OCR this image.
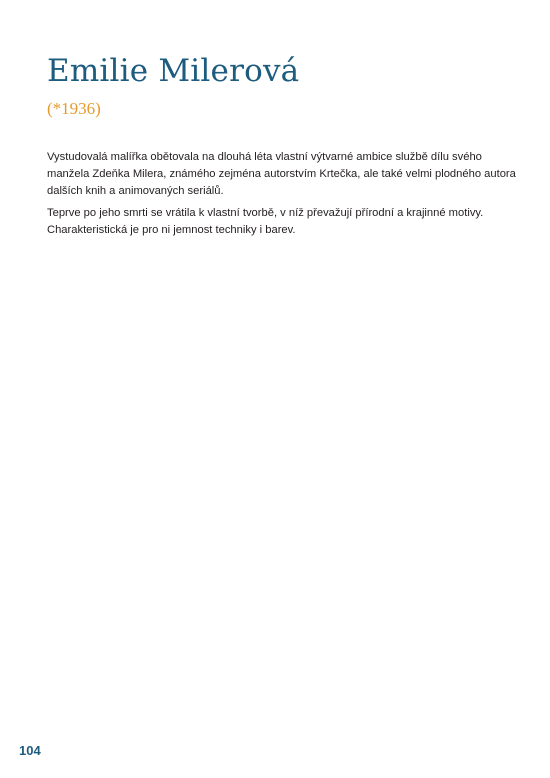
Emilie Milerová
(*1936)

Vystudovalá malířka obětovala na dlouhá léta vlastní výtvarné ambice službě dílu svého manžela Zdeňka Milera, známého zejména autorstvím Krtečka, ale také velmi plodného autora dalších knih a animovaných seriálů.

Teprve po jeho smrti se vrátila k vlastní tvorbě, v níž převažují přírodní a krajinné motivy. Charakteristická je pro ni jemnost techniky i barev.

104
